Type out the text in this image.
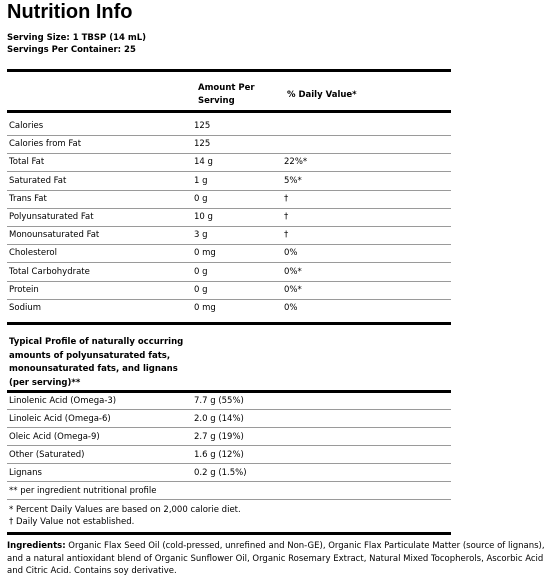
Nutrition Info
Serving Size: 1 TBSP (14 mL)
Servings Per Container: 25
Amount Per Serving
% Daily Value*
Calories	125
Calories from Fat	125
Total Fat	14 g	22%*
Saturated Fat	1 g	5%*
Trans Fat	0 g	†
Polyunsaturated Fat	10 g	†
Monounsaturated Fat	3 g	†
Cholesterol	0 mg	0%
Total Carbohydrate	0 g	0%*
Protein	0 g	0%*
Sodium	0 mg	0%
Typical Profile of naturally occurring amounts of polyunsaturated fats, monounsaturated fats, and lignans (per serving)**
Linolenic Acid (Omega-3)	7.7 g (55%)
Linoleic Acid (Omega-6)	2.0 g (14%)
Oleic Acid (Omega-9)	2.7 g (19%)
Other (Saturated)	1.6 g (12%)
Lignans	0.2 g (1.5%)
** per ingredient nutritional profile
* Percent Daily Values are based on 2,000 calorie diet.
† Daily Value not established.
Ingredients: Organic Flax Seed Oil (cold-pressed, unrefined and Non-GE), Organic Flax Particulate Matter (source of lignans), and a natural antioxidant blend of Organic Sunflower Oil, Organic Rosemary Extract, Natural Mixed Tocopherols, Ascorbic Acid and Citric Acid. Contains soy derivative.
